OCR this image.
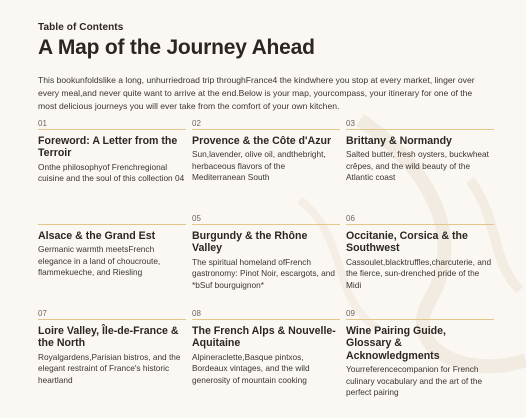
Table of Contents

A Map of the Journey Ahead

This bookunfoldslike a long, unhurriedroad trip throughFrance4 the kindwhere you stop at every market, linger over every meal,and never quite want to arrive at the end.Below is your map, yourcompass, your itinerary for one of the most delicious journeys you will ever take from the comfort of your own kitchen.

01
Foreword: A Letter from the Terroir
Onthe philosophyof Frenchregional cuisine and the soul of this collection 04
02
Provence & the Côte d'Azur
Sun,lavender, olive oil, andthebright, herbaceous flavors of the Mediterranean South
03
Brittany & Normandy
Salted butter, fresh oysters, buckwheat crêpes, and the wild beauty of the Atlantic coast
Alsace & the Grand Est
Germanic warmth meetsFrench elegance in a land of choucroute, flammekueche, and Riesling
05
Burgundy & the Rhône Valley
The spiritual homeland ofFrench gastronomy: Pinot Noir, escargots, and *bSuf bourguignon*
06
Occitanie, Corsica & the Southwest
Cassoulet,blacktruffles,charcuterie, and the fierce, sun-drenched pride of the Midi
07
Loire Valley, Île-de-France & the North
Royalgardens,Parisian bistros, and the elegant restraint of France's historic heartland
08
The French Alps & Nouvelle-Aquitaine
Alpineraclette,Basque pintxos, Bordeaux vintages, and the wild generosity of mountain cooking
09
Wine Pairing Guide, Glossary & Acknowledgments
Yourreferencecompanion for French culinary vocabulary and the art of the perfect pairing
